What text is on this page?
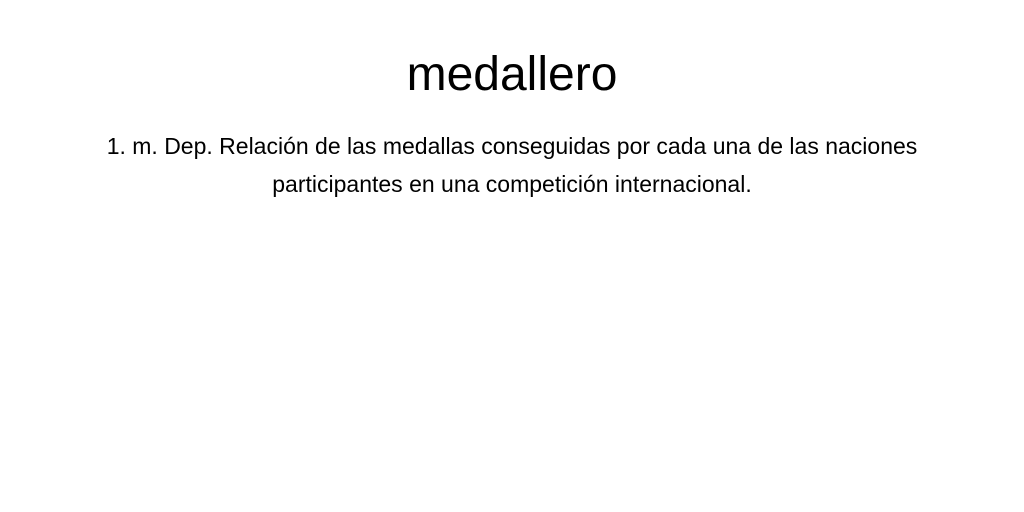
medallero

1. m. Dep. Relación de las medallas conseguidas por cada una de las naciones participantes en una competición internacional.
